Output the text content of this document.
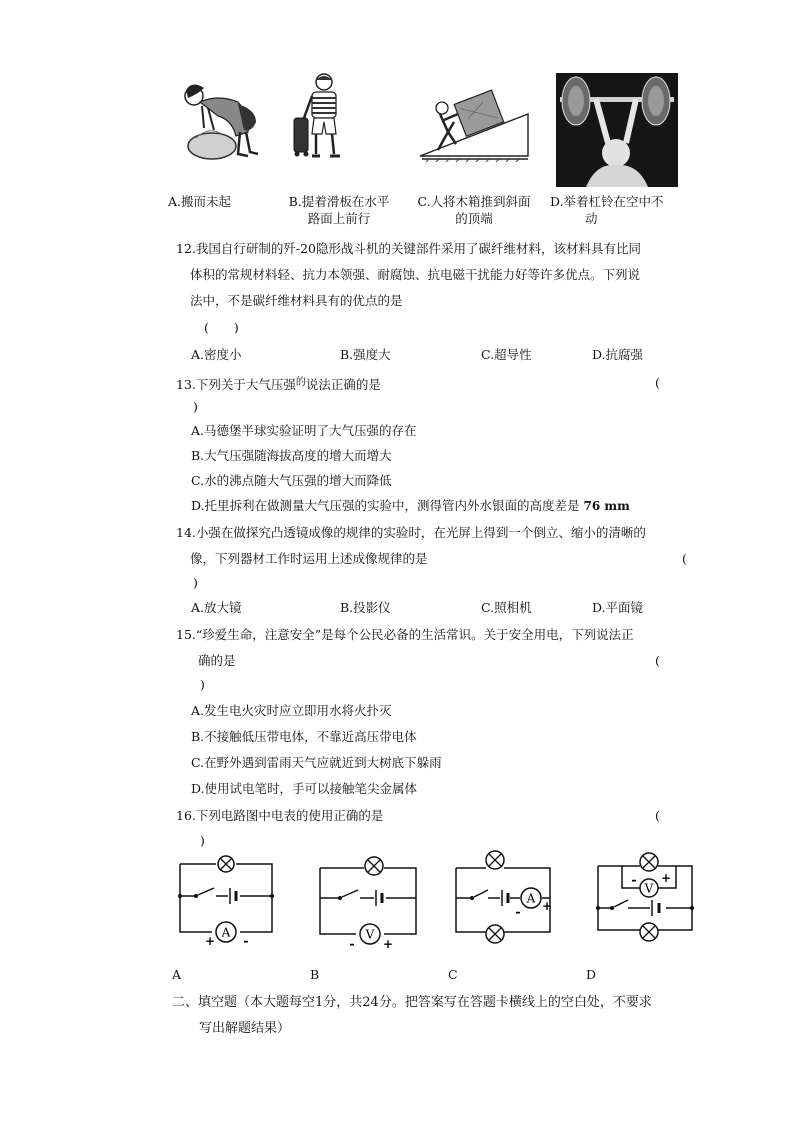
A.搬而未起	B.提着滑板在水平
路面上前行
C.人将木箱推到斜面
的顶端
D.举着杠铃在空中不
动
12.我国自行研制的歼-20隐形战斗机的关键部件采用了碳纤维材料，该材料具有比同
体积的常规材料轻、抗力本领强、耐腐蚀、抗电磁干扰能力好等许多优点。下列说
法中，不是碳纤维材料具有的优点的是
(　　)
A.密度小	B.强度大	C.超导性	D.抗腐强
13.下列关于大气压强$^的$说法正确的是	(
)
A.马德堡半球实验证明了大气压强的存在
B.大气压强随海拔高度的增大而增大
C.水的沸点随大气压强的增大而降低
D.托里拆利在做测量大气压强的实验中，测得管内外水银面的高度差是 76 mm
14.小强在做探究凸透镜成像的规律的实验时，在光屏上得到一个倒立、缩小的清晰的
像，下列器材工作时运用上述成像规律的是	(
)
A.放大镜	B.投影仪	C.照相机	D.平面镜
15.“珍爱生命，注意安全”是每个公民必备的生活常识。关于安全用电，下列说法正
确的是	(
)
A.发生电火灾时应立即用水将火扑灭
B.不接触低压带电体，不靠近高压带电体
C.在野外遇到雷雨天气应就近到大树底下躲雨
D.使用试电笔时，手可以接触笔尖金属体
16.下列电路图中电表的使用正确的是	(
)
A
+ -	V
- +
A
- +
V
- +
A	B	C	D
二、填空题（本大题每空1分，共24分。把答案写在答题卡横线上的空白处，不要求
写出解题结果）
